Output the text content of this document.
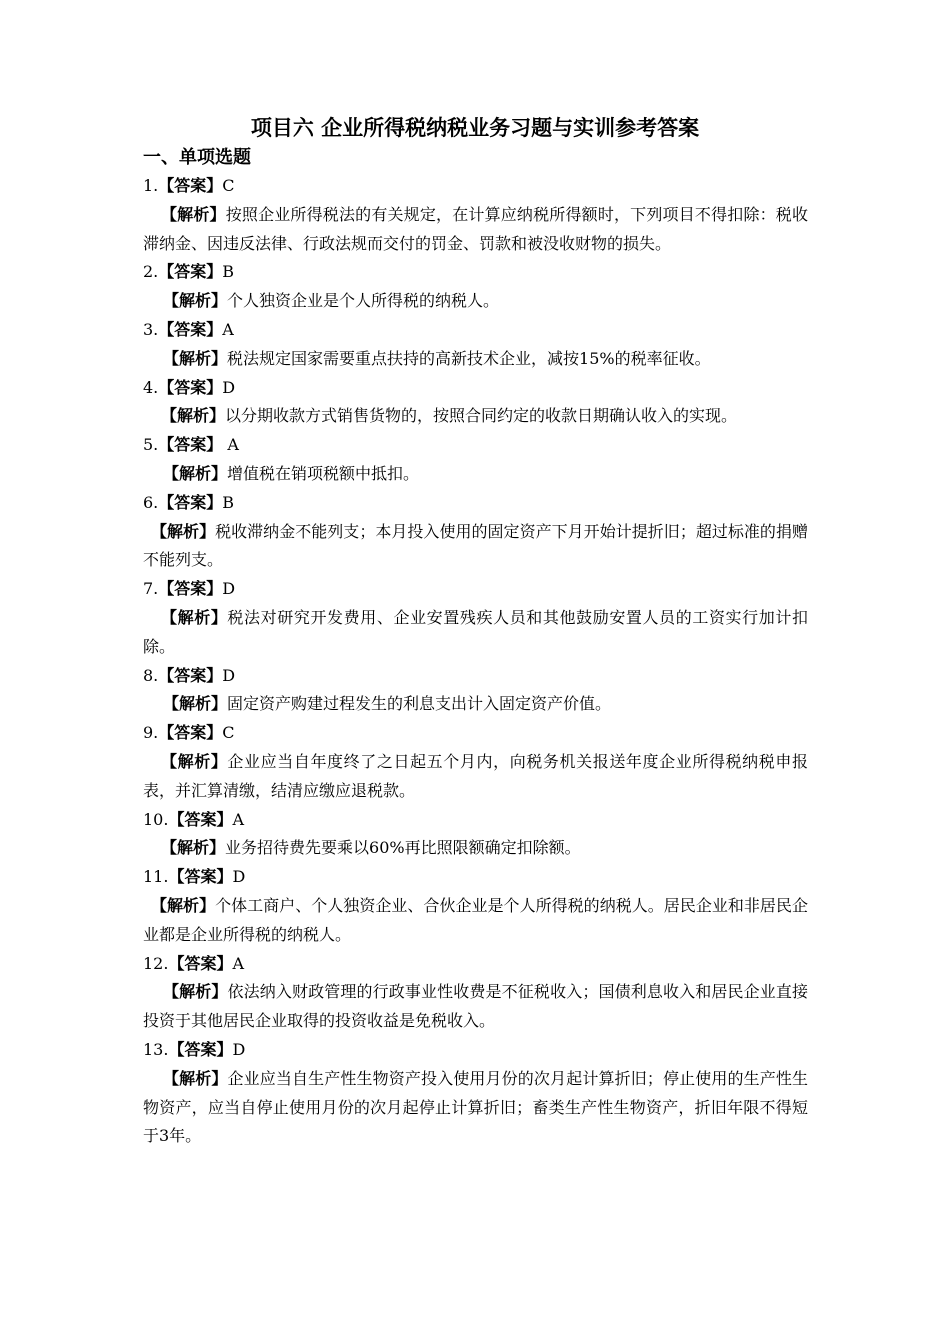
项目六 企业所得税纳税业务习题与实训参考答案
一、单项选题
1.【答案】C
【解析】按照企业所得税法的有关规定，在计算应纳税所得额时，下列项目不得扣除：税收滞纳金、因违反法律、行政法规而交付的罚金、罚款和被没收财物的损失。
2.【答案】B
【解析】个人独资企业是个人所得税的纳税人。
3.【答案】A
【解析】税法规定国家需要重点扶持的高新技术企业，减按15%的税率征收。
4.【答案】D
【解析】以分期收款方式销售货物的，按照合同约定的收款日期确认收入的实现。
5.【答案】 A
【解析】增值税在销项税额中抵扣。
6.【答案】B
【解析】税收滞纳金不能列支；本月投入使用的固定资产下月开始计提折旧；超过标准的捐赠不能列支。
7.【答案】D
【解析】税法对研究开发费用、企业安置残疾人员和其他鼓励安置人员的工资实行加计扣除。
8.【答案】D
【解析】固定资产购建过程发生的利息支出计入固定资产价值。
9.【答案】C
【解析】企业应当自年度终了之日起五个月内，向税务机关报送年度企业所得税纳税申报表，并汇算清缴，结清应缴应退税款。
10.【答案】A
【解析】业务招待费先要乘以60%再比照限额确定扣除额。
11.【答案】D
【解析】个体工商户、个人独资企业、合伙企业是个人所得税的纳税人。居民企业和非居民企业都是企业所得税的纳税人。
12.【答案】A
【解析】依法纳入财政管理的行政事业性收费是不征税收入；国债利息收入和居民企业直接投资于其他居民企业取得的投资收益是免税收入。
13.【答案】D
【解析】企业应当自生产性生物资产投入使用月份的次月起计算折旧；停止使用的生产性生物资产，应当自停止使用月份的次月起停止计算折旧；畜类生产性生物资产，折旧年限不得短于3年。
